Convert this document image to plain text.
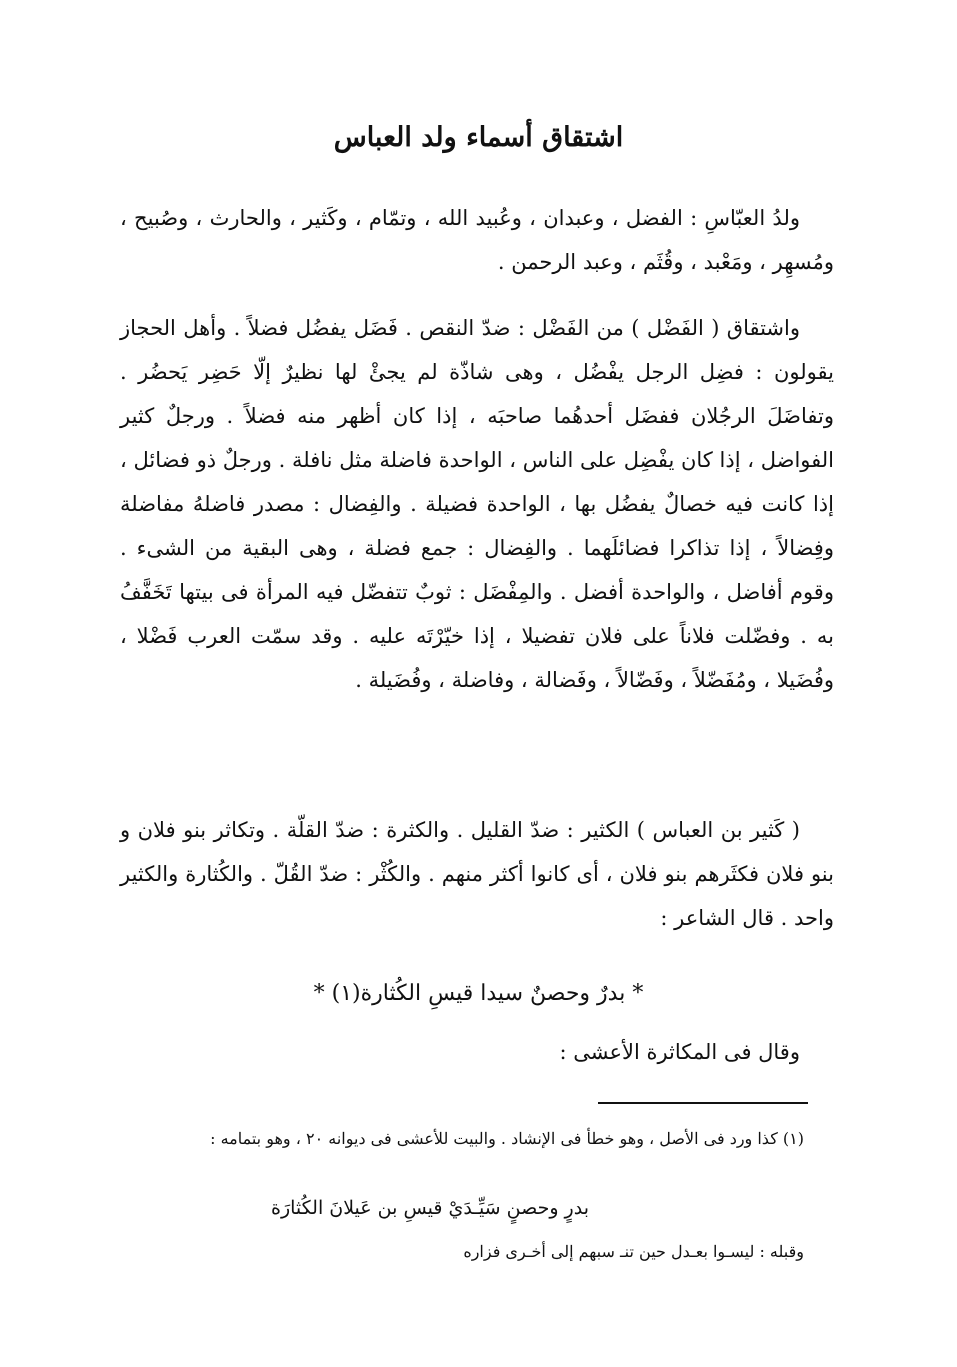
اشتقاق أسماء ولد العباس

ولدُ العبّاسِ : الفضل ، وعبدان ، وعُبيد الله ، وتمّام ، وكَثير ، والحارث ، وصُبيح ، ومُسهِر ، ومَعْبد ، وقُثَم ، وعبد الرحمن .

واشتقاق ( الفَضْل ) من الفَضْل : ضدّ النقص . فَضَل يفضُل فضلاً . وأهل الحجاز يقولون : فضِل الرجل يفْضُل ، وهى شاذّة لم يجئْ لها نظيرٌ إلّا حَضِر يَحضُر . وتفاضَلَ الرجُلان ففضَل أحدهُما صاحبَه ، إذا كان أظهر منه فضلاً . ورجلٌ كثير الفواضل ، إذا كان يفْضِل على الناس ، الواحدة فاضلة مثل نافلة . ورجلٌ ذو فضائل ، إذا كانت فيه خصالٌ يفضُل بها ، الواحدة فضيلة . والفِضال : مصدر فاضلهُ مفاضلة وفِضالاً ، إذا تذاكرا فضائلَهما . والفِضال : جمع فضلة ، وهى البقية من الشىء . وقوم أفاضل ، والواحدة أفضل . والمِفْضَل : ثوبٌ تتفضّل فيه المرأة فى بيتها تَخَفَّفُ به . وفضّلت فلاناً على فلان تفضيلا ، إذا خيّرْتَه عليه . وقد سمّت العرب فَضْلا ، وفُضَيلا ، ومُفَضّلاً ، وفَضّالاً ، وفَضالة ، وفاضلة ، وفُضَيلة .

( كَثير بن العباس ) الكثير : ضدّ القليل . والكثرة : ضدّ القلّة . وتكاثر بنو فلان و بنو فلان فكثَرهم بنو فلان ، أى كانوا أكثر منهم . والكُثْر : ضدّ القُلّ . والكُثارة والكثير واحد . قال الشاعر :

* بدرٌ وحصنٌ سيدا قيسِ الكُثارة(١) *
وقال فى المكاثرة الأعشى :
(١) كذا ورد فى الأصل ، وهو خطأ فى الإنشاد . والبيت للأعشى فى ديوانه ٢٠ ، وهو بتمامه :
بدرٍ وحصنٍ سَيِّـدَيْ قيسِ بن عَيلانَ الكُثارَة
وقبله : ليسـوا بعـدل حين تنـ سبهم إلى أخـرى فزاره
